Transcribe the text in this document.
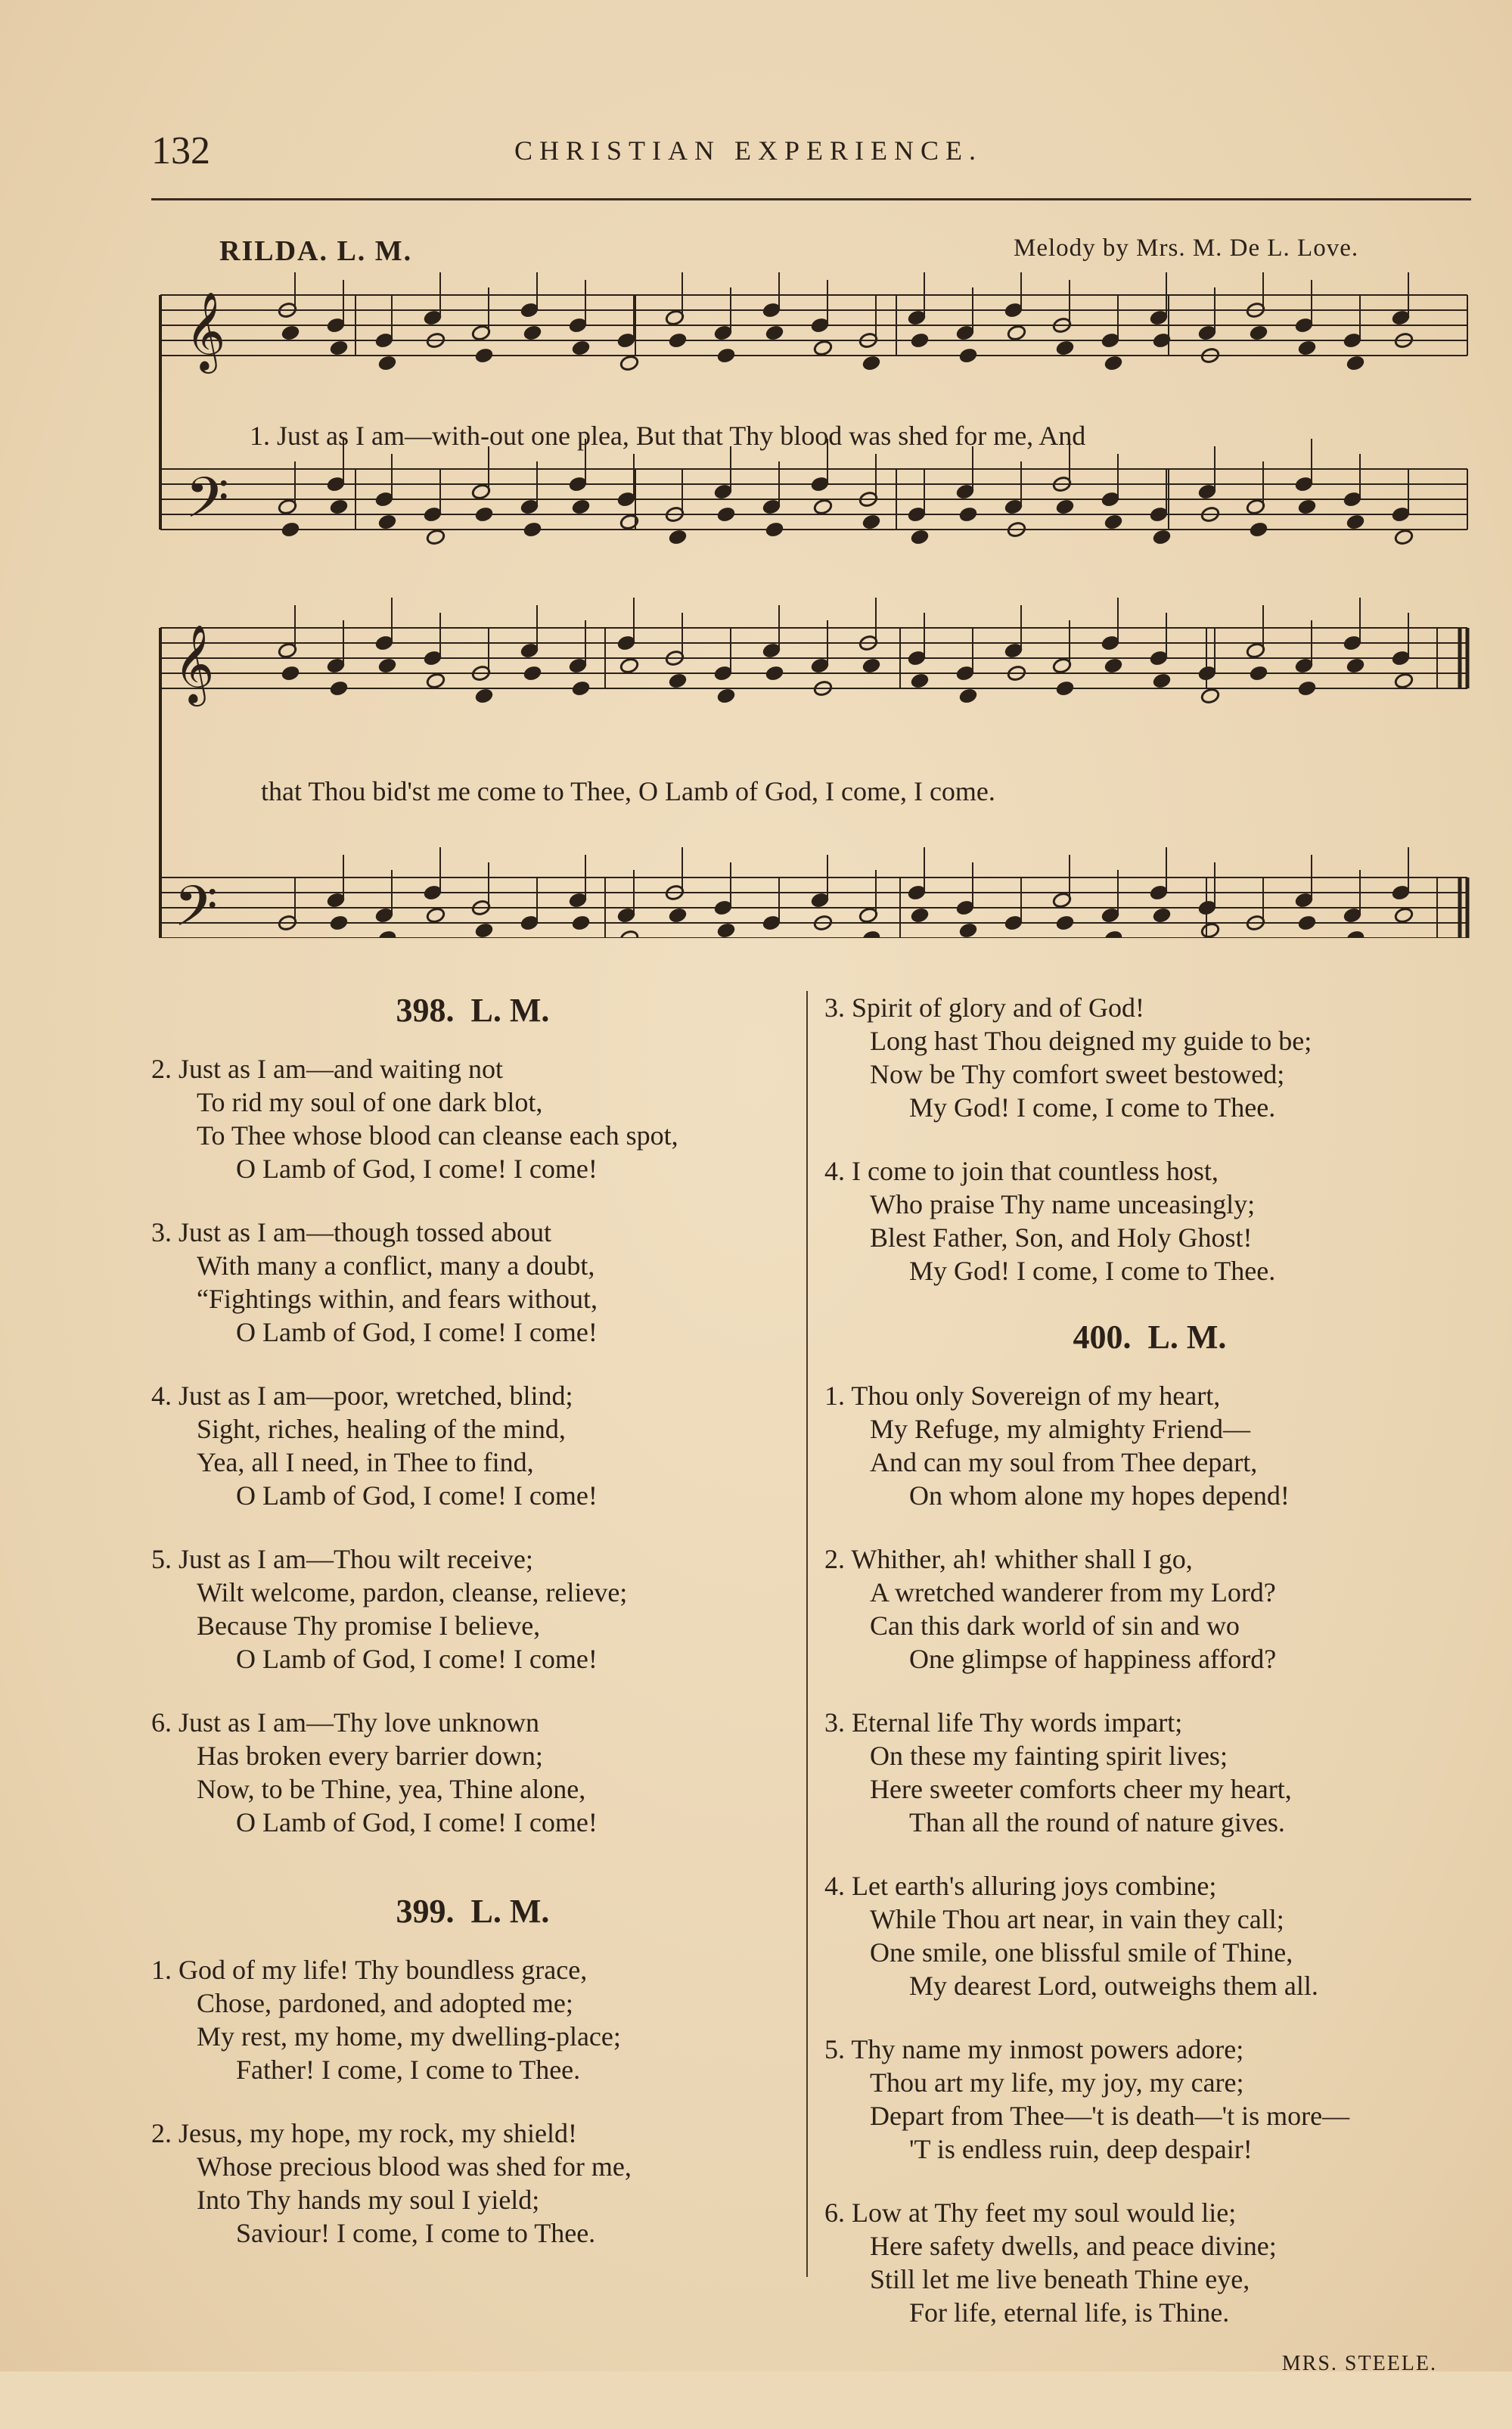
132	CHRISTIAN EXPERIENCE.
RILDA. L. M.	Melody by Mrs. M. De L. Love.
𝄞
𝄢
𝄞
𝄢
1. Just as I am—with-out one plea, But that Thy blood was shed for me, And
that Thou bid'st me come to Thee, O Lamb of God, I come, I come.
398. L. M.
2. Just as I am—and waiting not
To rid my soul of one dark blot,
To Thee whose blood can cleanse each spot,
O Lamb of God, I come! I come!
3. Just as I am—though tossed about
With many a conflict, many a doubt,
“Fightings within, and fears without,
O Lamb of God, I come! I come!
4. Just as I am—poor, wretched, blind;
Sight, riches, healing of the mind,
Yea, all I need, in Thee to find,
O Lamb of God, I come! I come!
5. Just as I am—Thou wilt receive;
Wilt welcome, pardon, cleanse, relieve;
Because Thy promise I believe,
O Lamb of God, I come! I come!
6. Just as I am—Thy love unknown
Has broken every barrier down;
Now, to be Thine, yea, Thine alone,
O Lamb of God, I come! I come!
399. L. M.
1. God of my life! Thy boundless grace,
Chose, pardoned, and adopted me;
My rest, my home, my dwelling-place;
Father! I come, I come to Thee.
2. Jesus, my hope, my rock, my shield!
Whose precious blood was shed for me,
Into Thy hands my soul I yield;
Saviour! I come, I come to Thee.
3. Spirit of glory and of God!
Long hast Thou deigned my guide to be;
Now be Thy comfort sweet bestowed;
My God! I come, I come to Thee.
4. I come to join that countless host,
Who praise Thy name unceasingly;
Blest Father, Son, and Holy Ghost!
My God! I come, I come to Thee.
400. L. M.
1. Thou only Sovereign of my heart,
My Refuge, my almighty Friend—
And can my soul from Thee depart,
On whom alone my hopes depend!
2. Whither, ah! whither shall I go,
A wretched wanderer from my Lord?
Can this dark world of sin and wo
One glimpse of happiness afford?
3. Eternal life Thy words impart;
On these my fainting spirit lives;
Here sweeter comforts cheer my heart,
Than all the round of nature gives.
4. Let earth's alluring joys combine;
While Thou art near, in vain they call;
One smile, one blissful smile of Thine,
My dearest Lord, outweighs them all.
5. Thy name my inmost powers adore;
Thou art my life, my joy, my care;
Depart from Thee—'t is death—'t is more—
'T is endless ruin, deep despair!
6. Low at Thy feet my soul would lie;
Here safety dwells, and peace divine;
Still let me live beneath Thine eye,
For life, eternal life, is Thine.
MRS. STEELE.
